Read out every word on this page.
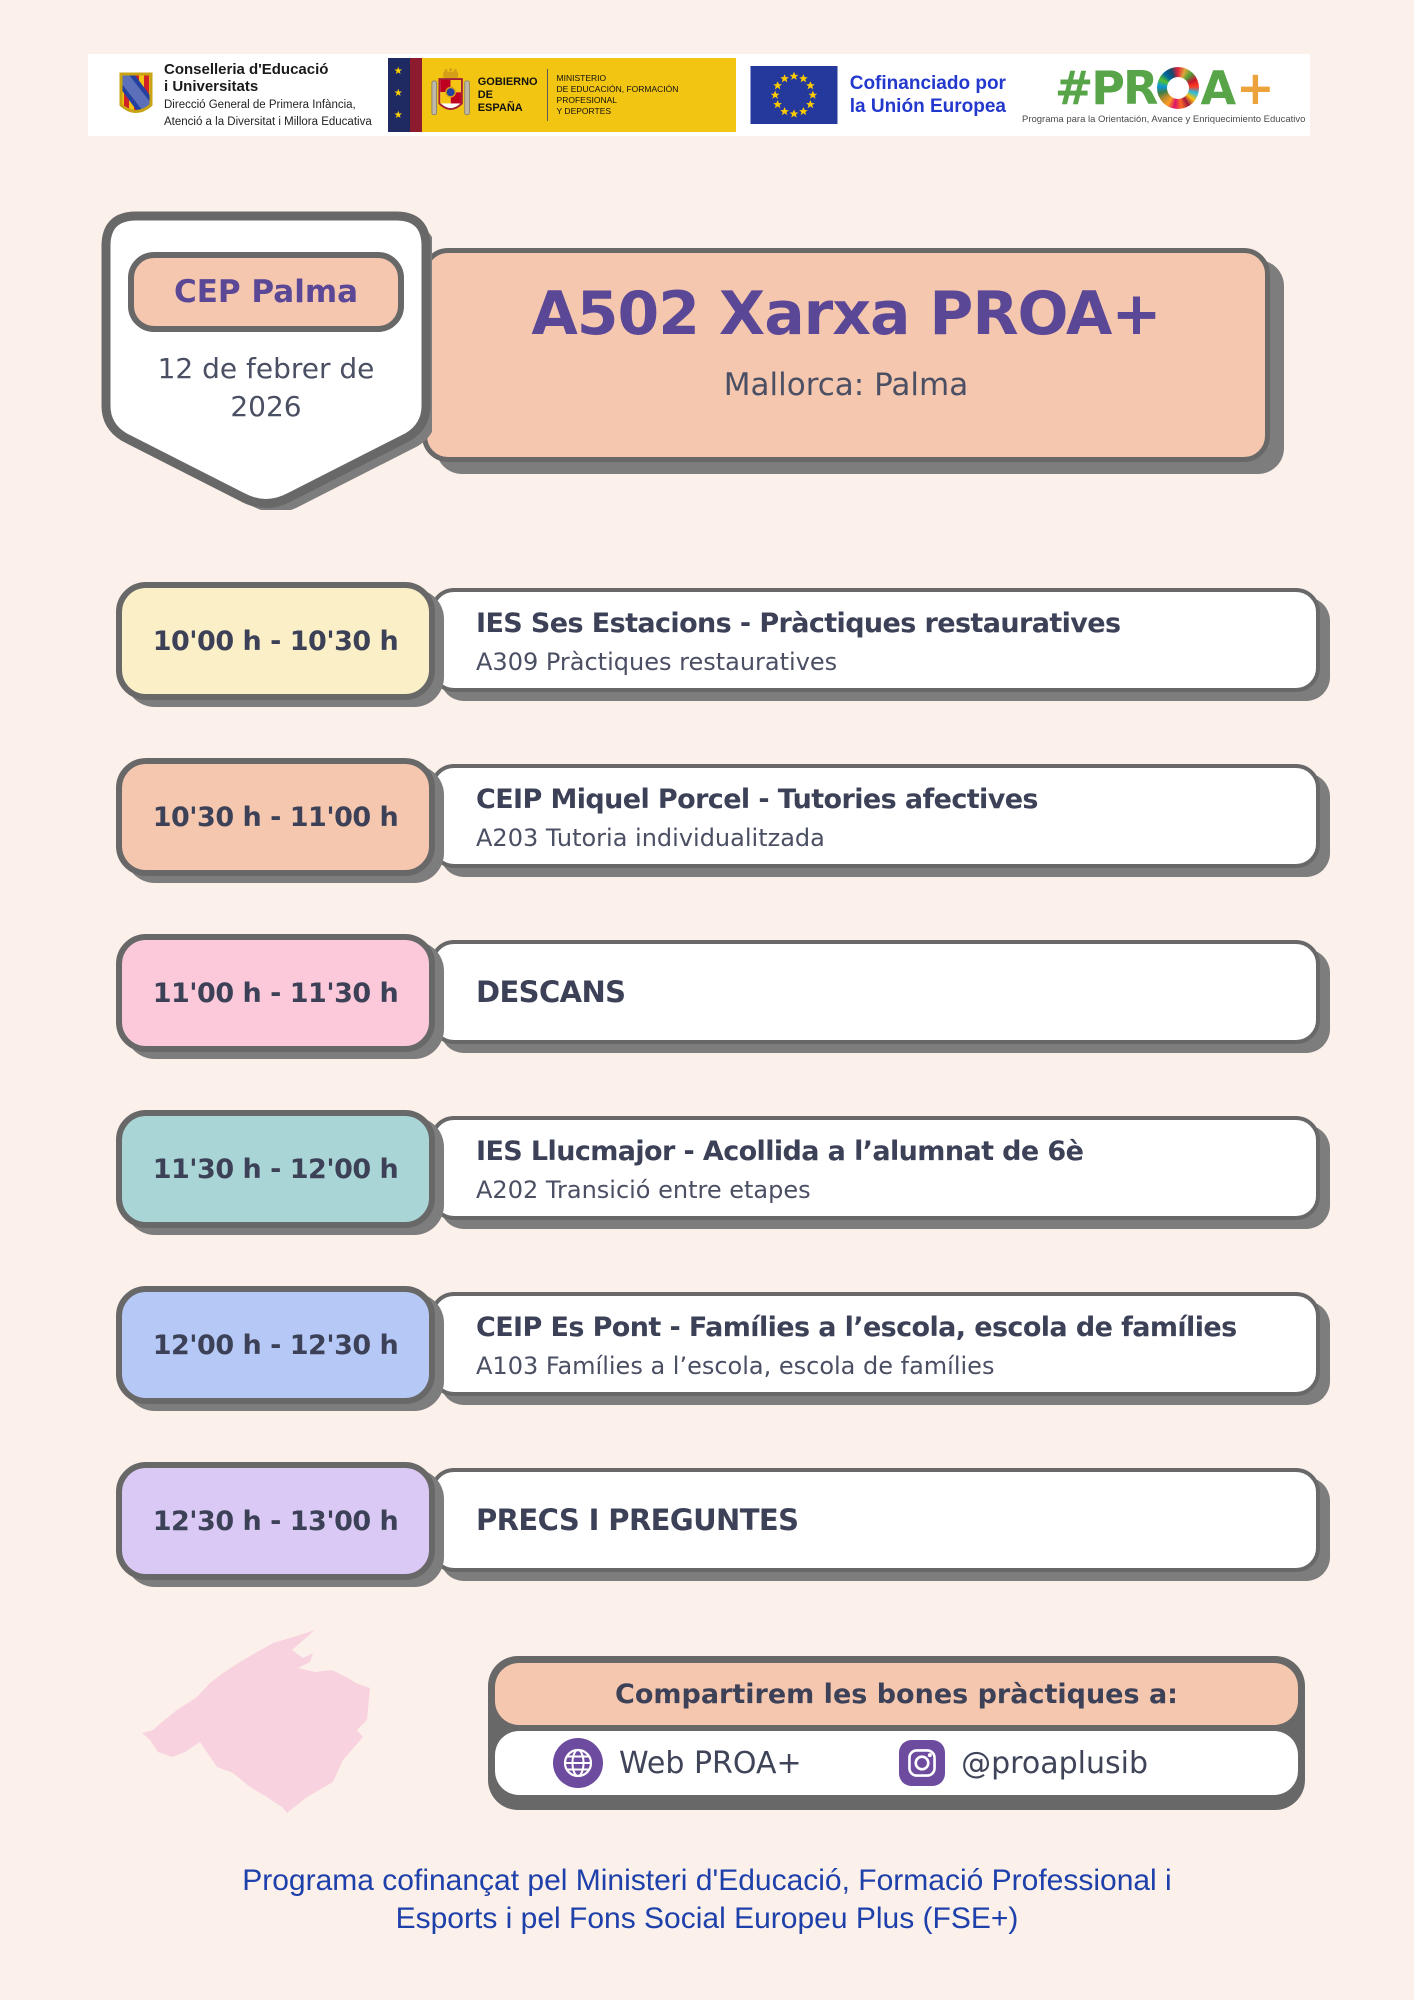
Conselleria d'Educació
i Universitats
Direcció General de Primera Infància,
Atenció a la Diversitat i Millora Educativa
★
★
★
GOBIERNO
DE ESPAÑA
MINISTERIO
DE EDUCACIÓN, FORMACIÓN PROFESIONAL
Y DEPORTES
Cofinanciado por
la Unión Europea #PR A +
Programa para la Orientación, Avance y Enriquecimiento Educativo
A502 Xarxa PROA+
Mallorca: Palma
CEP Palma
12 de febrer de
2026
IES Ses Estacions - Pràctiques restauratives
A309 Pràctiques restauratives
10'00 h - 10'30 h
CEIP Miquel Porcel - Tutories afectives
A203 Tutoria individualitzada
10'30 h - 11'00 h
DESCANS
11'00 h - 11'30 h
IES Llucmajor - Acollida a l’alumnat de 6è
A202 Transició entre etapes
11'30 h - 12'00 h
CEIP Es Pont - Famílies a l’escola, escola de famílies
A103 Famílies a l’escola, escola de famílies
12'00 h - 12'30 h
PRECS I PREGUNTES
12'30 h - 13'00 h
Compartirem les bones pràctiques a:
Web PROA+	@proaplusib
Programa cofinançat pel Ministeri d'Educació, Formació Professional i
Esports i pel Fons Social Europeu Plus (FSE+)
